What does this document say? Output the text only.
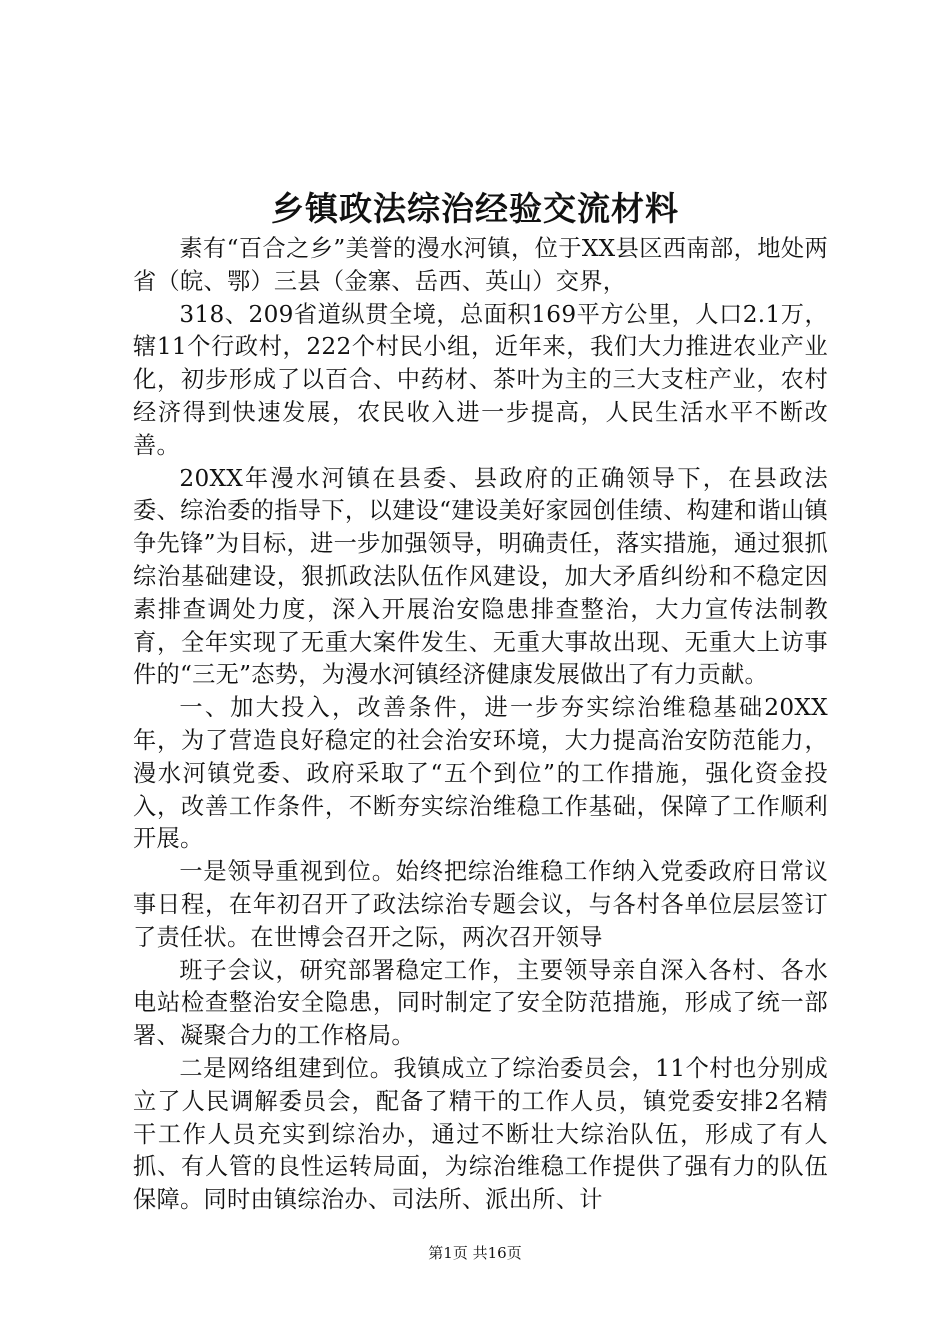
乡镇政法综治经验交流材料

素有“百合之乡”美誉的漫水河镇，位于XX县区西南部，地处两省（皖、鄂）三县（金寨、岳西、英山）交界，

318、209省道纵贯全境，总面积169平方公里，人口2.1万，辖11个行政村，222个村民小组，近年来，我们大力推进农业产业化，初步形成了以百合、中药材、茶叶为主的三大支柱产业，农村经济得到快速发展，农民收入进一步提高，人民生活水平不断改善。

20XX年漫水河镇在县委、县政府的正确领导下，在县政法委、综治委的指导下，以建设“建设美好家园创佳绩、构建和谐山镇争先锋”为目标，进一步加强领导，明确责任，落实措施，通过狠抓综治基础建设，狠抓政法队伍作风建设，加大矛盾纠纷和不稳定因素排查调处力度，深入开展治安隐患排查整治，大力宣传法制教育，全年实现了无重大案件发生、无重大事故出现、无重大上访事件的“三无”态势，为漫水河镇经济健康发展做出了有力贡献。

一、加大投入，改善条件，进一步夯实综治维稳基础20XX年，为了营造良好稳定的社会治安环境，大力提高治安防范能力，漫水河镇党委、政府采取了“五个到位”的工作措施，强化资金投入，改善工作条件，不断夯实综治维稳工作基础，保障了工作顺利开展。

一是领导重视到位。始终把综治维稳工作纳入党委政府日常议事日程，在年初召开了政法综治专题会议，与各村各单位层层签订了责任状。在世博会召开之际，两次召开领导

班子会议，研究部署稳定工作，主要领导亲自深入各村、各水电站检查整治安全隐患，同时制定了安全防范措施，形成了统一部署、凝聚合力的工作格局。

二是网络组建到位。我镇成立了综治委员会，11个村也分别成立了人民调解委员会，配备了精干的工作人员，镇党委安排2名精干工作人员充实到综治办，通过不断壮大综治队伍，形成了有人抓、有人管的良性运转局面，为综治维稳工作提供了强有力的队伍保障。同时由镇综治办、司法所、派出所、计

第1页 共16页
